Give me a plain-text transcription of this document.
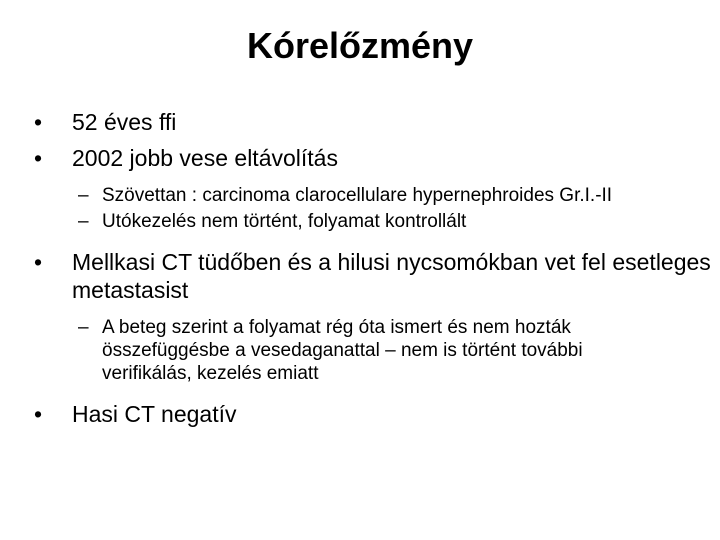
Kórelőzmény
• 52 éves ffi
• 2002 jobb vese eltávolítás
– Szövettan : carcinoma clarocellulare hypernephroides Gr.I.-II
– Utókezelés nem történt, folyamat kontrollált
• Mellkasi CT tüdőben és a hilusi nycsomókban vet fel esetleges metastasist
– A beteg szerint a folyamat rég óta ismert és nem hozták összefüggésbe a vesedaganattal – nem is történt további verifikálás, kezelés emiatt
• Hasi CT negatív
